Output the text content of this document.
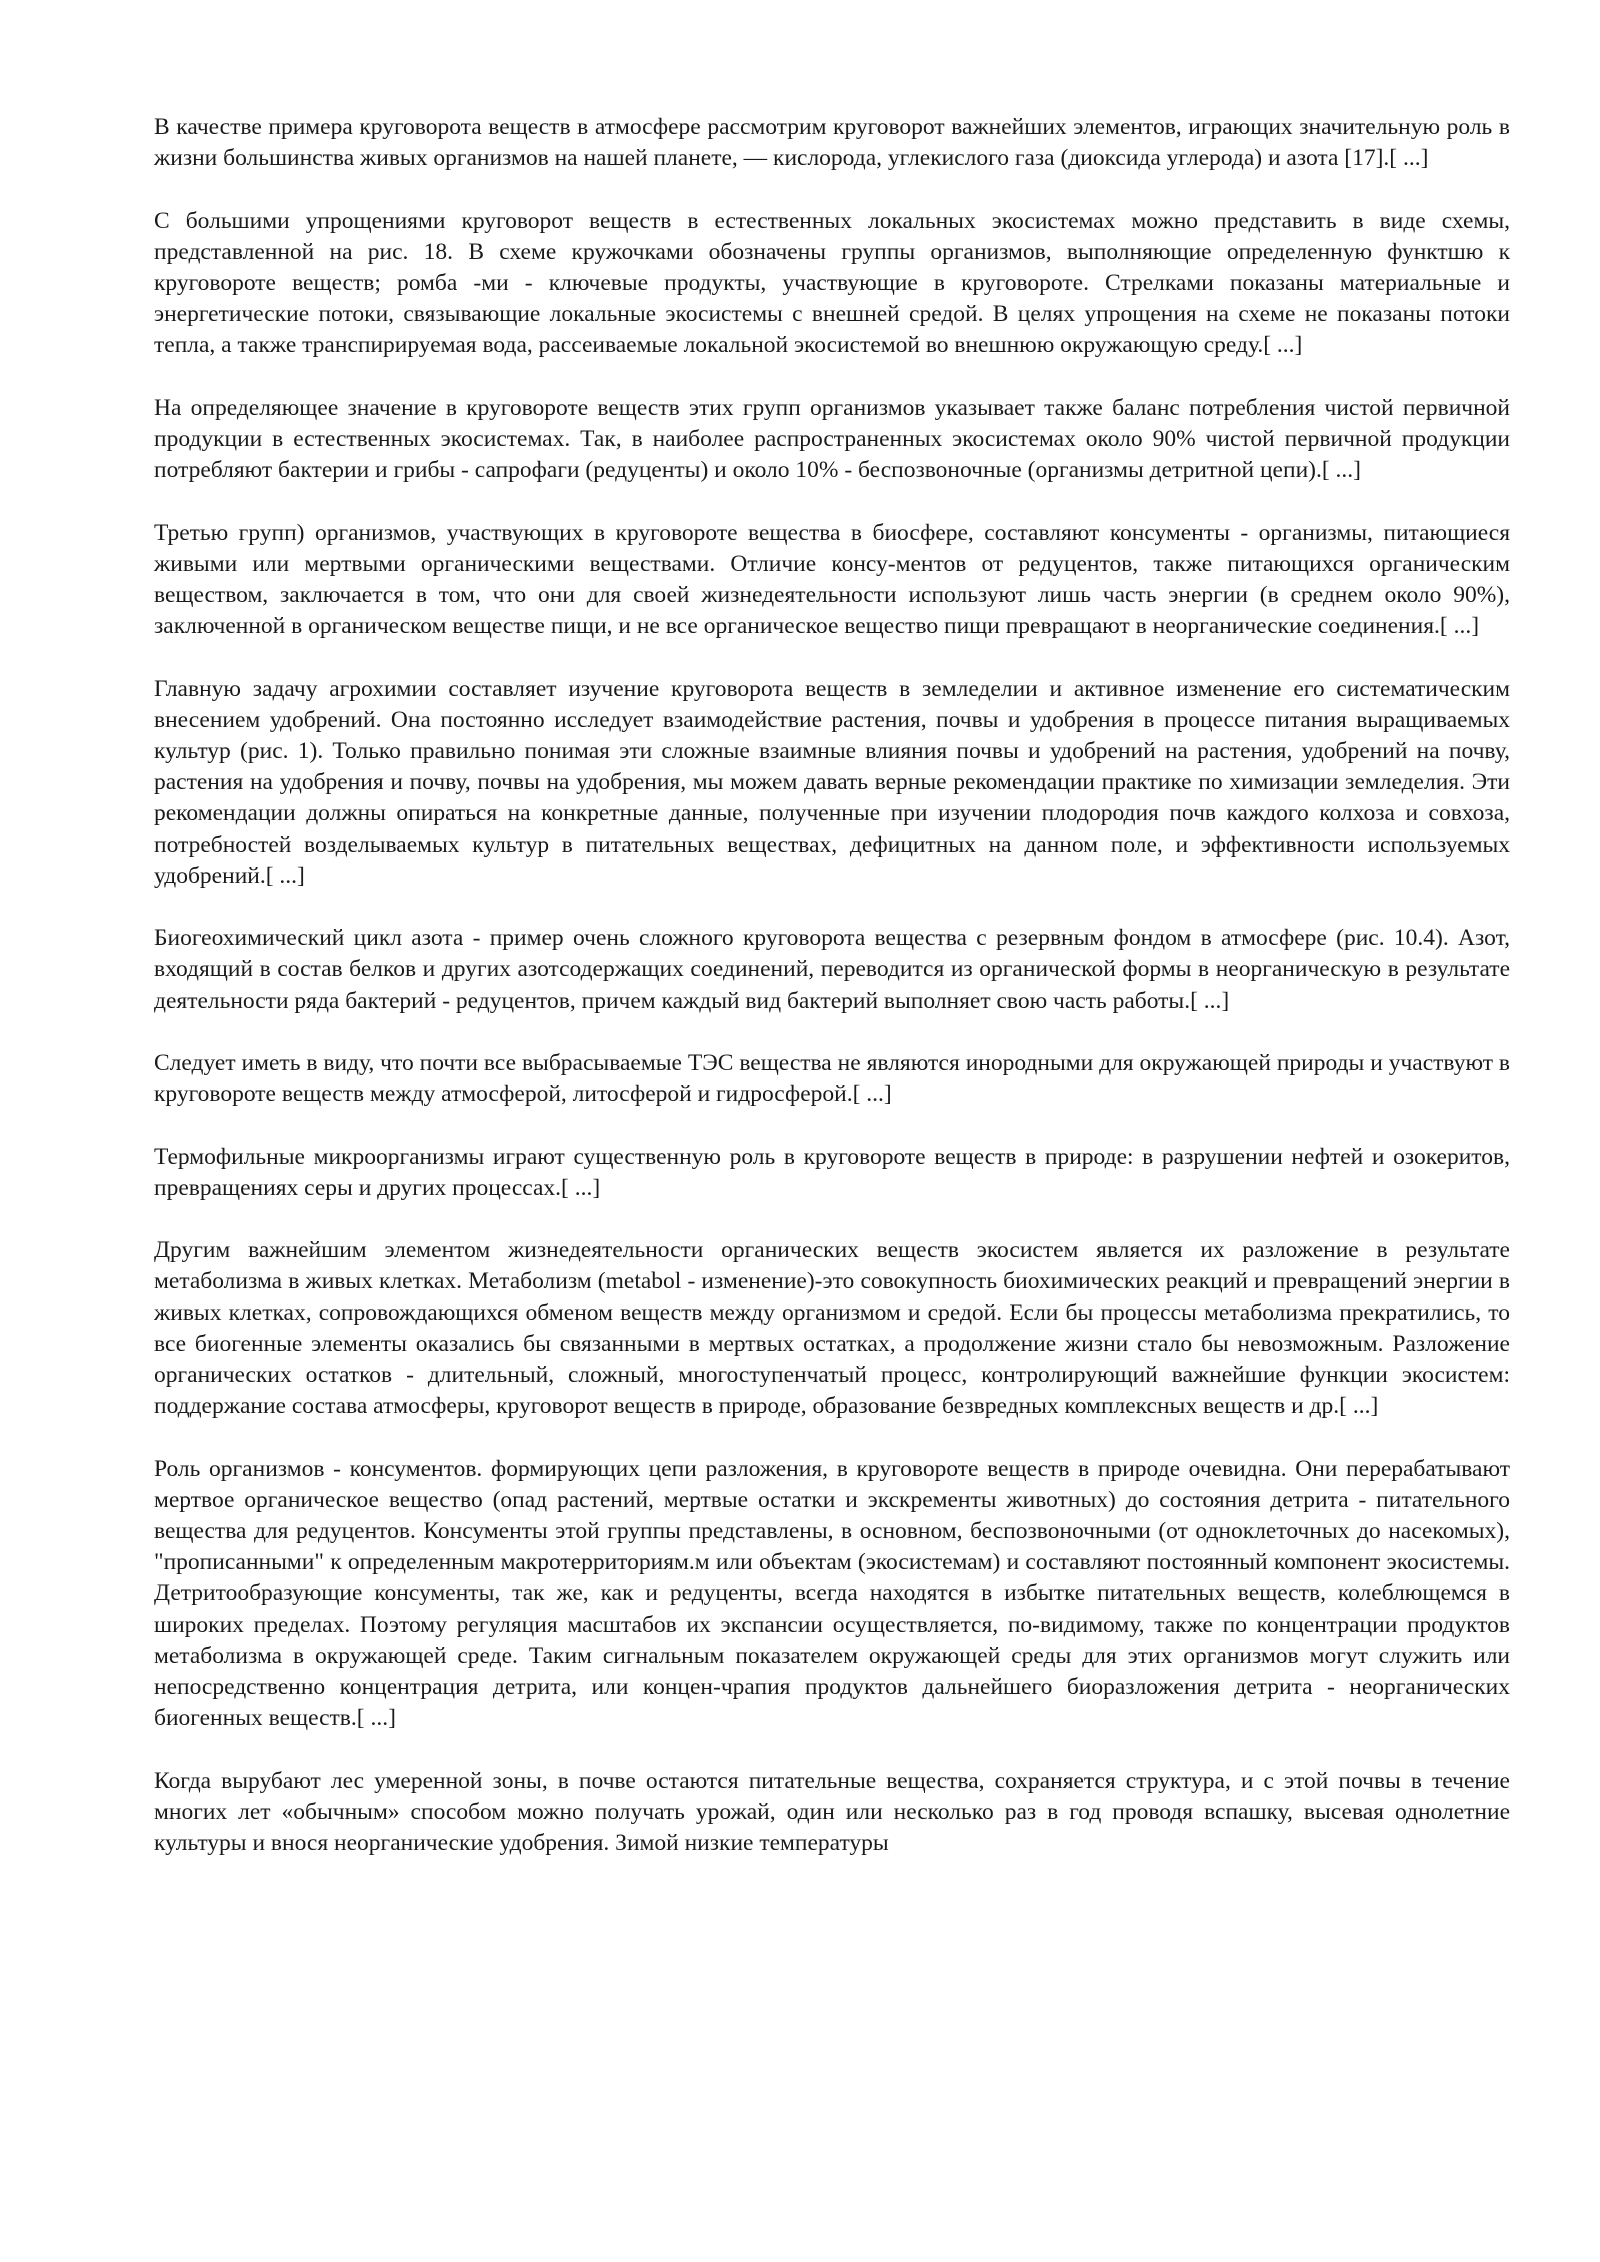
В качестве примера круговорота веществ в атмосфере рассмотрим круговорот важнейших элементов, играющих значительную роль в жизни большинства живых организмов на нашей планете, — кислорода, углекислого газа (диоксида углерода) и азота [17].[ ...]

С большими упрощениями круговорот веществ в естественных локальных экосистемах можно представить в виде схемы, представленной на рис. 18. В схеме кружочками обозначены группы организмов, выполняющие определенную функтшю к круговороте веществ; ромба -ми - ключевые продукты, участвующие в круговороте. Стрелками показаны материальные и энергетические потоки, связывающие локальные экосистемы с внешней средой. В целях упрощения на схеме не показаны потоки тепла, а также транспирируемая вода, рассеиваемые локальной экосистемой во внешнюю окружающую среду.[ ...]

На определяющее значение в круговороте веществ этих групп организмов указывает также баланс потребления чистой первичной продукции в естественных экосистемах. Так, в наиболее распространенных экосистемах около 90% чистой первичной продукции потребляют бактерии и грибы - сапрофаги (редуценты) и около 10% - беспозвоночные (организмы детритной цепи).[ ...]

Третью групп) организмов, участвующих в круговороте вещества в биосфере, составляют консументы - организмы, питающиеся живыми или мертвыми органическими веществами. Отличие консу-ментов от редуцентов, также питающихся органическим веществом, заключается в том, что они для своей жизнедеятельности используют лишь часть энергии (в среднем около 90%), заключенной в органическом веществе пищи, и не все органическое вещество пищи превращают в неорганические соединения.[ ...]

Главную задачу агрохимии составляет изучение круговорота веществ в земледелии и активное изменение его систематическим внесением удобрений. Она постоянно исследует взаимодействие растения, почвы и удобрения в процессе питания выращиваемых культур (рис. 1). Только правильно понимая эти сложные взаимные влияния почвы и удобрений на растения, удобрений на почву, растения на удобрения и почву, почвы на удобрения, мы можем давать верные рекомендации практике по химизации земледелия. Эти рекомендации должны опираться на конкретные данные, полученные при изучении плодородия почв каждого колхоза и совхоза, потребностей возделываемых культур в питательных веществах, дефицитных на данном поле, и эффективности используемых удобрений.[ ...]

Биогеохимический цикл азота - пример очень сложного круговорота вещества с резервным фондом в атмосфере (рис. 10.4). Азот, входящий в состав белков и других азотсодержащих соединений, переводится из органической формы в неорганическую в результате деятельности ряда бактерий - редуцентов, причем каждый вид бактерий выполняет свою часть работы.[ ...]

Следует иметь в виду, что почти все выбрасываемые ТЭС вещества не являются инородными для окружающей природы и участвуют в круговороте веществ между атмосферой, литосферой и гидросферой.[ ...]

Термофильные микроорганизмы играют существенную роль в круговороте веществ в природе: в разрушении нефтей и озокеритов, превращениях серы и других процессах.[ ...]

Другим важнейшим элементом жизнедеятельности органических веществ экосистем является их разложение в результате метаболизма в живых клетках. Метаболизм (metabol - изменение)-это совокупность биохимических реакций и превращений энергии в живых клетках, сопровождающихся обменом веществ между организмом и средой. Если бы процессы метаболизма прекратились, то все биогенные элементы оказались бы связанными в мертвых остатках, а продолжение жизни стало бы невозможным. Разложение органических остатков - длительный, сложный, многоступенчатый процесс, контролирующий важнейшие функции экосистем: поддержание состава атмосферы, круговорот веществ в природе, образование безвредных комплексных веществ и др.[ ...]

Роль организмов - консументов. формирующих цепи разложения, в круговороте веществ в природе очевидна. Они перерабатывают мертвое органическое вещество (опад растений, мертвые остатки и экскременты животных) до состояния детрита - питательного вещества для редуцентов. Консументы этой группы представлены, в основном, беспозвоночными (от одноклеточных до насекомых), "прописанными" к определенным макротерриториям.м или объектам (экосистемам) и составляют постоянный компонент экосистемы. Детритообразующие консументы, так же, как и редуценты, всегда находятся в избытке питательных веществ, колеблющемся в широких пределах. Поэтому регуляция масштабов их экспансии осуществляется, по-видимому, также по концентрации продуктов метаболизма в окружающей среде. Таким сигнальным показателем окружающей среды для этих организмов могут служить или непосредственно концентрация детрита, или концен-чрапия продуктов дальнейшего биоразложения детрита - неорганических биогенных веществ.[ ...]

Когда вырубают лес умеренной зоны, в почве остаются питательные вещества, сохраняется структура, и с этой почвы в течение многих лет «обычным» способом можно получать урожай, один или несколько раз в год проводя вспашку, высевая однолетние культуры и внося неорганические удобрения. Зимой низкие температуры
